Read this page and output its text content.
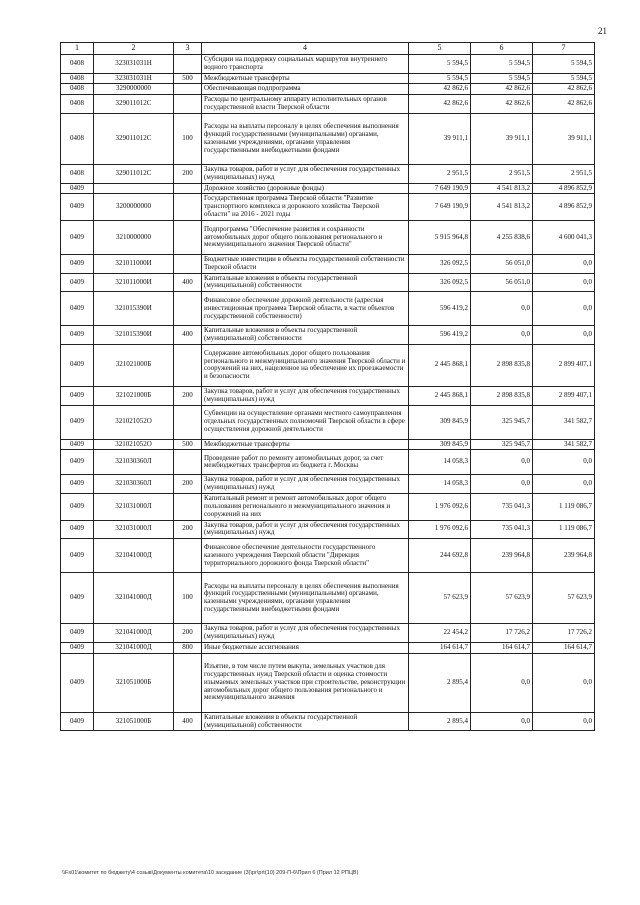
21
1	2	3	4	5	6	7
0408	323031031Н		Субсидии на поддержку социальных маршрутов внутреннего водного транспорта	5 594,5	5 594,5	5 594,5
0408	323031031Н	500	Межбюджетные трансферты	5 594,5	5 594,5	5 594,5
0408	3290000000		Обеспечивающая подпрограмма	42 862,6	42 862,6	42 862,6
0408	329011012С		Расходы по центральному аппарату исполнительных органов государственной власти Тверской области	42 862,6	42 862,6	42 862,6
0408	329011012С	100	Расходы на выплаты персоналу в целях обеспечения выполнения функций государственными (муниципальными) органами, казенными учреждениями, органами управления государственными внебюджетными фондами	39 911,1	39 911,1	39 911,1
0408	329011012С	200	Закупка товаров, работ и услуг для обеспечения государственных (муниципальных) нужд	2 951,5	2 951,5	2 951,5
0409			Дорожное хозяйство (дорожные фонды)	7 649 190,9	4 541 813,2	4 896 852,9
0409	3200000000		Государственная программа Тверской области "Развитие транспортного комплекса и дорожного хозяйства Тверской области" на 2016 - 2021 годы	7 649 190,9	4 541 813,2	4 896 852,9
0409	3210000000		Подпрограмма "Обеспечение развития и сохранности автомобильных дорог общего пользования регионального и межмуниципального значения Тверской области"	5 915 964,8	4 255 838,6	4 600 041,3
0409	321011000И		Бюджетные инвестиции в объекты государственной собственности Тверской области	326 092,5	56 051,0	0,0
0409	321011000И	400	Капитальные вложения в объекты государственной (муниципальной) собственности	326 092,5	56 051,0	0,0
0409	321015390И		Финансовое обеспечение дорожной деятельности (адресная инвестиционная программа Тверской области, в части объектов государственной собственности)	596 419,2	0,0	0,0
0409	321015390И	400	Капитальные вложения в объекты государственной (муниципальной) собственности	596 419,2	0,0	0,0
0409	321021000Б		Содержание автомобильных дорог общего пользования регионального и межмуниципального значения Тверской области и сооружений на них, нацеленное на обеспечение их проезжаемости и безопасности	2 445 868,1	2 898 835,8	2 899 407,1
0409	321021000Б	200	Закупка товаров, работ и услуг для обеспечения государственных (муниципальных) нужд	2 445 868,1	2 898 835,8	2 899 407,1
0409	321021052О		Субвенции на осуществление органами местного самоуправления отдельных государственных полномочий Тверской области в сфере осуществления дорожной деятельности	309 845,9	325 945,7	341 582,7
0409	321021052О	500	Межбюджетные трансферты	309 845,9	325 945,7	341 582,7
0409	321030360Л		Проведение работ по ремонту автомобильных дорог, за счет межбюджетных трансфертов из бюджета г. Москвы	14 058,3	0,0	0,0
0409	321030360Л	200	Закупка товаров, работ и услуг для обеспечения государственных (муниципальных) нужд	14 058,3	0,0	0,0
0409	321031000Л		Капитальный ремонт и ремонт автомобильных дорог общего пользования регионального и межмуниципального значения и сооружений на них	1 976 092,6	735 041,3	1 119 086,7
0409	321031000Л	200	Закупка товаров, работ и услуг для обеспечения государственных (муниципальных) нужд	1 976 092,6	735 041,3	1 119 086,7
0409	321041000Д		Финансовое обеспечение деятельности государственного казенного учреждения Тверской области "Дирекция территориального дорожного фонда Тверской области"	244 692,8	239 964,8	239 964,8
0409	321041000Д	100	Расходы на выплаты персоналу в целях обеспечения выполнения функций государственными (муниципальными) органами, казенными учреждениями, органами управления государственными внебюджетными фондами	57 623,9	57 623,9	57 623,9
0409	321041000Д	200	Закупка товаров, работ и услуг для обеспечения государственных (муниципальных) нужд	22 454,2	17 726,2	17 726,2
0409	321041000Д	800	Иные бюджетные ассигнования	164 614,7	164 614,7	164 614,7
0409	321051000Б		Изъятие, в том числе путем выкупа, земельных участков для государственных нужд Тверской области и оценка стоимости изымаемых земельных участков при строительстве, реконструкции автомобильных дорог общего пользования регионального и межмуниципального значения	2 895,4	0,0	0,0
0409	321051000Б	400	Капитальные вложения в объекты государственной (муниципальной) собственности	2 895,4	0,0	0,0
\\Fs01\комитет по бюджету\4 созыв\Документы комитета\10 заседание (3)\pr\prt(10) 209-П-6\Прил 6 (Прил 12 РПЦВ)
